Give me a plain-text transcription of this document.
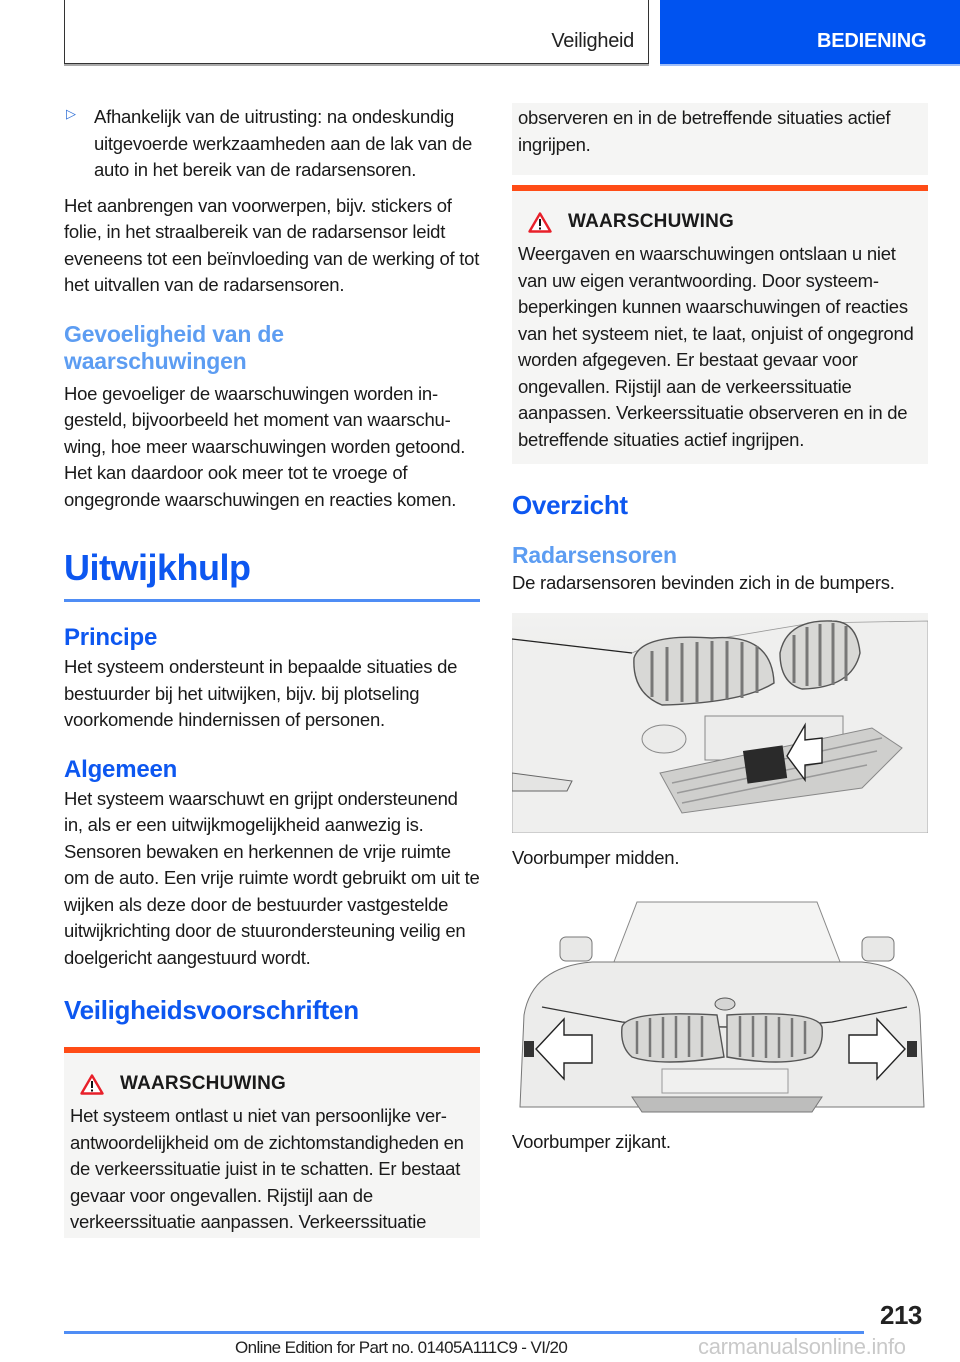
Veiligheid	BEDIENING
▷

Afhankelijk van de uitrusting: na ondeskundig uitgevoerde werkzaamheden aan de lak van de auto in het bereik van de radarsensoren.

Het aanbrengen van voorwerpen, bijv. stickers of folie, in het straalbereik van de radarsensor leidt eveneens tot een beïnvloeding van de werking of tot het uitvallen van de radarsensoren.

Gevoeligheid van de waarschuwingen

Hoe gevoeliger de waarschuwingen worden ingesteld, bijvoorbeeld het moment van waarschuwing, hoe meer waarschuwingen worden getoond. Het kan daardoor ook meer tot te vroege of ongegronde waarschuwingen en reacties komen.

Uitwijkhulp
Principe

Het systeem ondersteunt in bepaalde situaties de bestuurder bij het uitwijken, bijv. bij plotseling voorkomende hindernissen of personen.

Algemeen

Het systeem waarschuwt en grijpt ondersteunend in, als er een uitwijkmogelijkheid aanwezig is. Sensoren bewaken en herkennen de vrije ruimte om de auto. Een vrije ruimte wordt gebruikt om uit te wijken als deze door de bestuurder vastgestelde uitwijkrichting door de stuurondersteuning veilig en doelgericht aangestuurd wordt.

Veiligheidsvoorschriften
WAARSCHUWING

Het systeem ontlast u niet van persoonlijke verantwoordelijkheid om de zichtomstandigheden en de verkeerssituatie juist in te schatten. Er bestaat gevaar voor ongevallen. Rijstijl aan de verkeerssituatie aanpassen. Verkeerssituatie

observeren en in de betreffende situaties actief ingrijpen.

WAARSCHUWING

Weergaven en waarschuwingen ontslaan u niet van uw eigen verantwoording. Door systeembeperkingen kunnen waarschuwingen of reacties van het systeem niet, te laat, onjuist of ongegrond worden afgegeven. Er bestaat gevaar voor ongevallen. Rijstijl aan de verkeerssituatie aanpassen. Verkeerssituatie observeren en in de betreffende situaties actief ingrijpen.

Overzicht
Radarsensoren

De radarsensoren bevinden zich in de bumpers.

Voorbumper midden.

Voorbumper zijkant.

213
Online Edition for Part no. 01405A111C9 - VI/20	carmanualsonline.info
